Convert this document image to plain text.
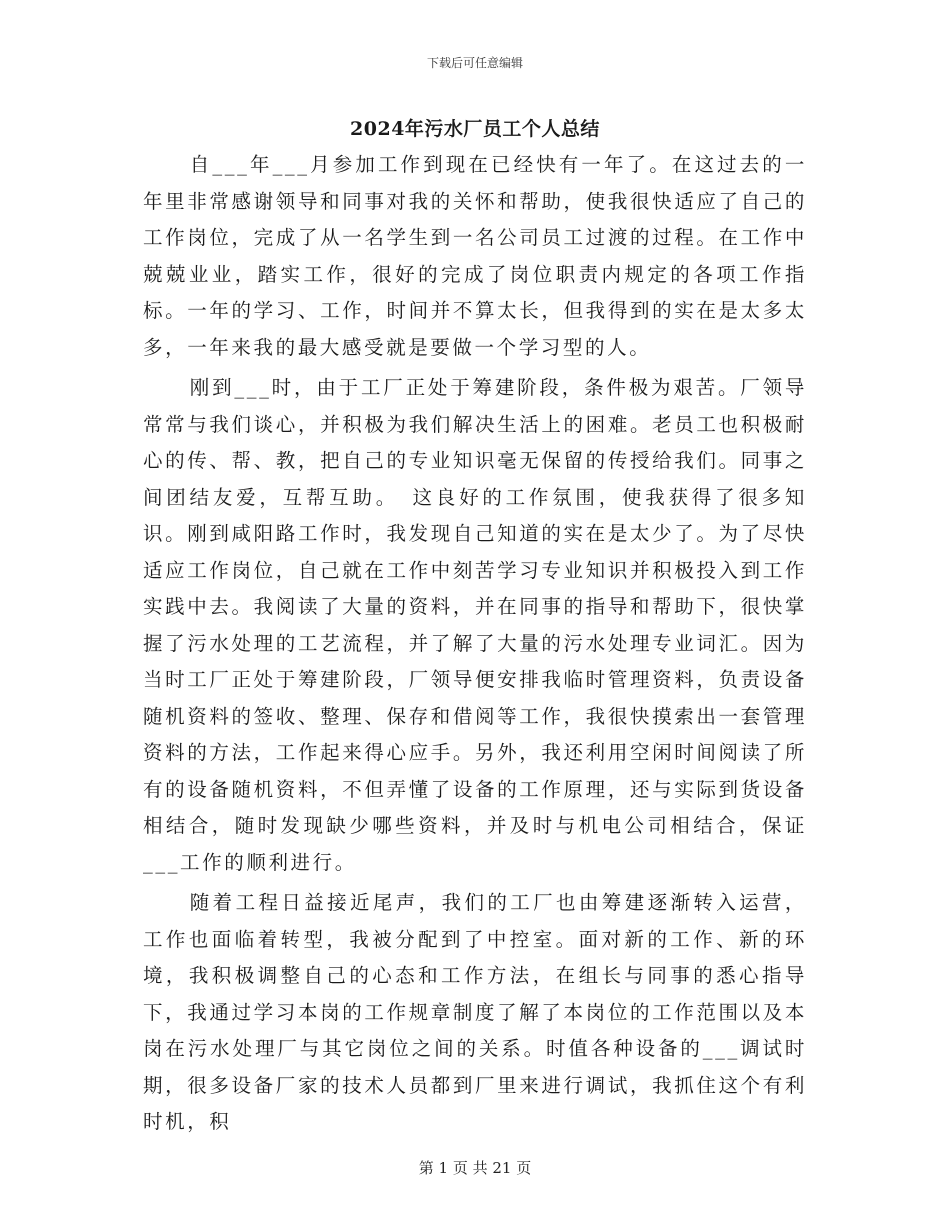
下载后可任意编辑
2024年污水厂员工个人总结

自___年___月参加工作到现在已经快有一年了。在这过去的一年里非常感谢领导和同事对我的关怀和帮助，使我很快适应了自己的工作岗位，完成了从一名学生到一名公司员工过渡的过程。在工作中兢兢业业，踏实工作，很好的完成了岗位职责内规定的各项工作指标。一年的学习、工作，时间并不算太长，但我得到的实在是太多太多，一年来我的最大感受就是要做一个学习型的人。

刚到___时，由于工厂正处于筹建阶段，条件极为艰苦。厂领导常常与我们谈心，并积极为我们解决生活上的困难。老员工也积极耐心的传、帮、教，把自己的专业知识毫无保留的传授给我们。同事之间团结友爱，互帮互助。　这良好的工作氛围，使我获得了很多知识。刚到咸阳路工作时，我发现自己知道的实在是太少了。为了尽快适应工作岗位，自己就在工作中刻苦学习专业知识并积极投入到工作实践中去。我阅读了大量的资料，并在同事的指导和帮助下，很快掌握了污水处理的工艺流程，并了解了大量的污水处理专业词汇。因为当时工厂正处于筹建阶段，厂领导便安排我临时管理资料，负责设备随机资料的签收、整理、保存和借阅等工作，我很快摸索出一套管理资料的方法，工作起来得心应手。另外，我还利用空闲时间阅读了所有的设备随机资料，不但弄懂了设备的工作原理，还与实际到货设备相结合，随时发现缺少哪些资料，并及时与机电公司相结合，保证___工作的顺利进行。

随着工程日益接近尾声，我们的工厂也由筹建逐渐转入运营，工作也面临着转型，我被分配到了中控室。面对新的工作、新的环境，我积极调整自己的心态和工作方法，在组长与同事的悉心指导下，我通过学习本岗的工作规章制度了解了本岗位的工作范围以及本岗在污水处理厂与其它岗位之间的关系。时值各种设备的___调试时期，很多设备厂家的技术人员都到厂里来进行调试，我抓住这个有利时机，积

第 1 页 共 21 页
